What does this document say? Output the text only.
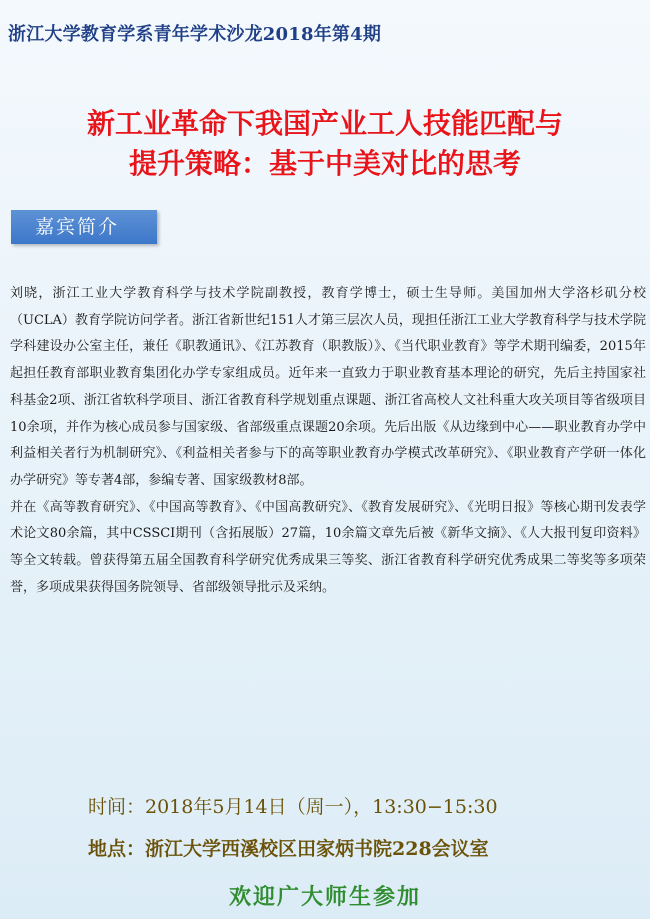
浙江大学教育学系青年学术沙龙2018年第4期
新工业革命下我国产业工人技能匹配与
提升策略：基于中美对比的思考
嘉宾简介

刘晓，浙江工业大学教育科学与技术学院副教授，教育学博士，硕士生导师。美国加州大学洛杉矶分校（UCLA）教育学院访问学者。浙江省新世纪151人才第三层次人员，现担任浙江工业大学教育科学与技术学院学科建设办公室主任，兼任《职教通讯》、《江苏教育（职教版）》、《当代职业教育》等学术期刊编委，2015年起担任教育部职业教育集团化办学专家组成员。近年来一直致力于职业教育基本理论的研究，先后主持国家社科基金2项、浙江省软科学项目、浙江省教育科学规划重点课题、浙江省高校人文社科重大攻关项目等省级项目10余项，并作为核心成员参与国家级、省部级重点课题20余项。先后出版《从边缘到中心——职业教育办学中利益相关者行为机制研究》、《利益相关者参与下的高等职业教育办学模式改革研究》、《职业教育产学研一体化办学研究》等专著4部，参编专著、国家级教材8部。

并在《高等教育研究》、《中国高等教育》、《中国高教研究》、《教育发展研究》、《光明日报》等核心期刊发表学术论文80余篇，其中CSSCI期刊（含拓展版）27篇，10余篇文章先后被《新华文摘》、《人大报刊复印资料》等全文转载。曾获得第五届全国教育科学研究优秀成果三等奖、浙江省教育科学研究优秀成果二等奖等多项荣誉，多项成果获得国务院领导、省部级领导批示及采纳。

时间：2018年5月14日（周一），13:30−15:30
地点：浙江大学西溪校区田家炳书院228会议室
欢迎广大师生参加
